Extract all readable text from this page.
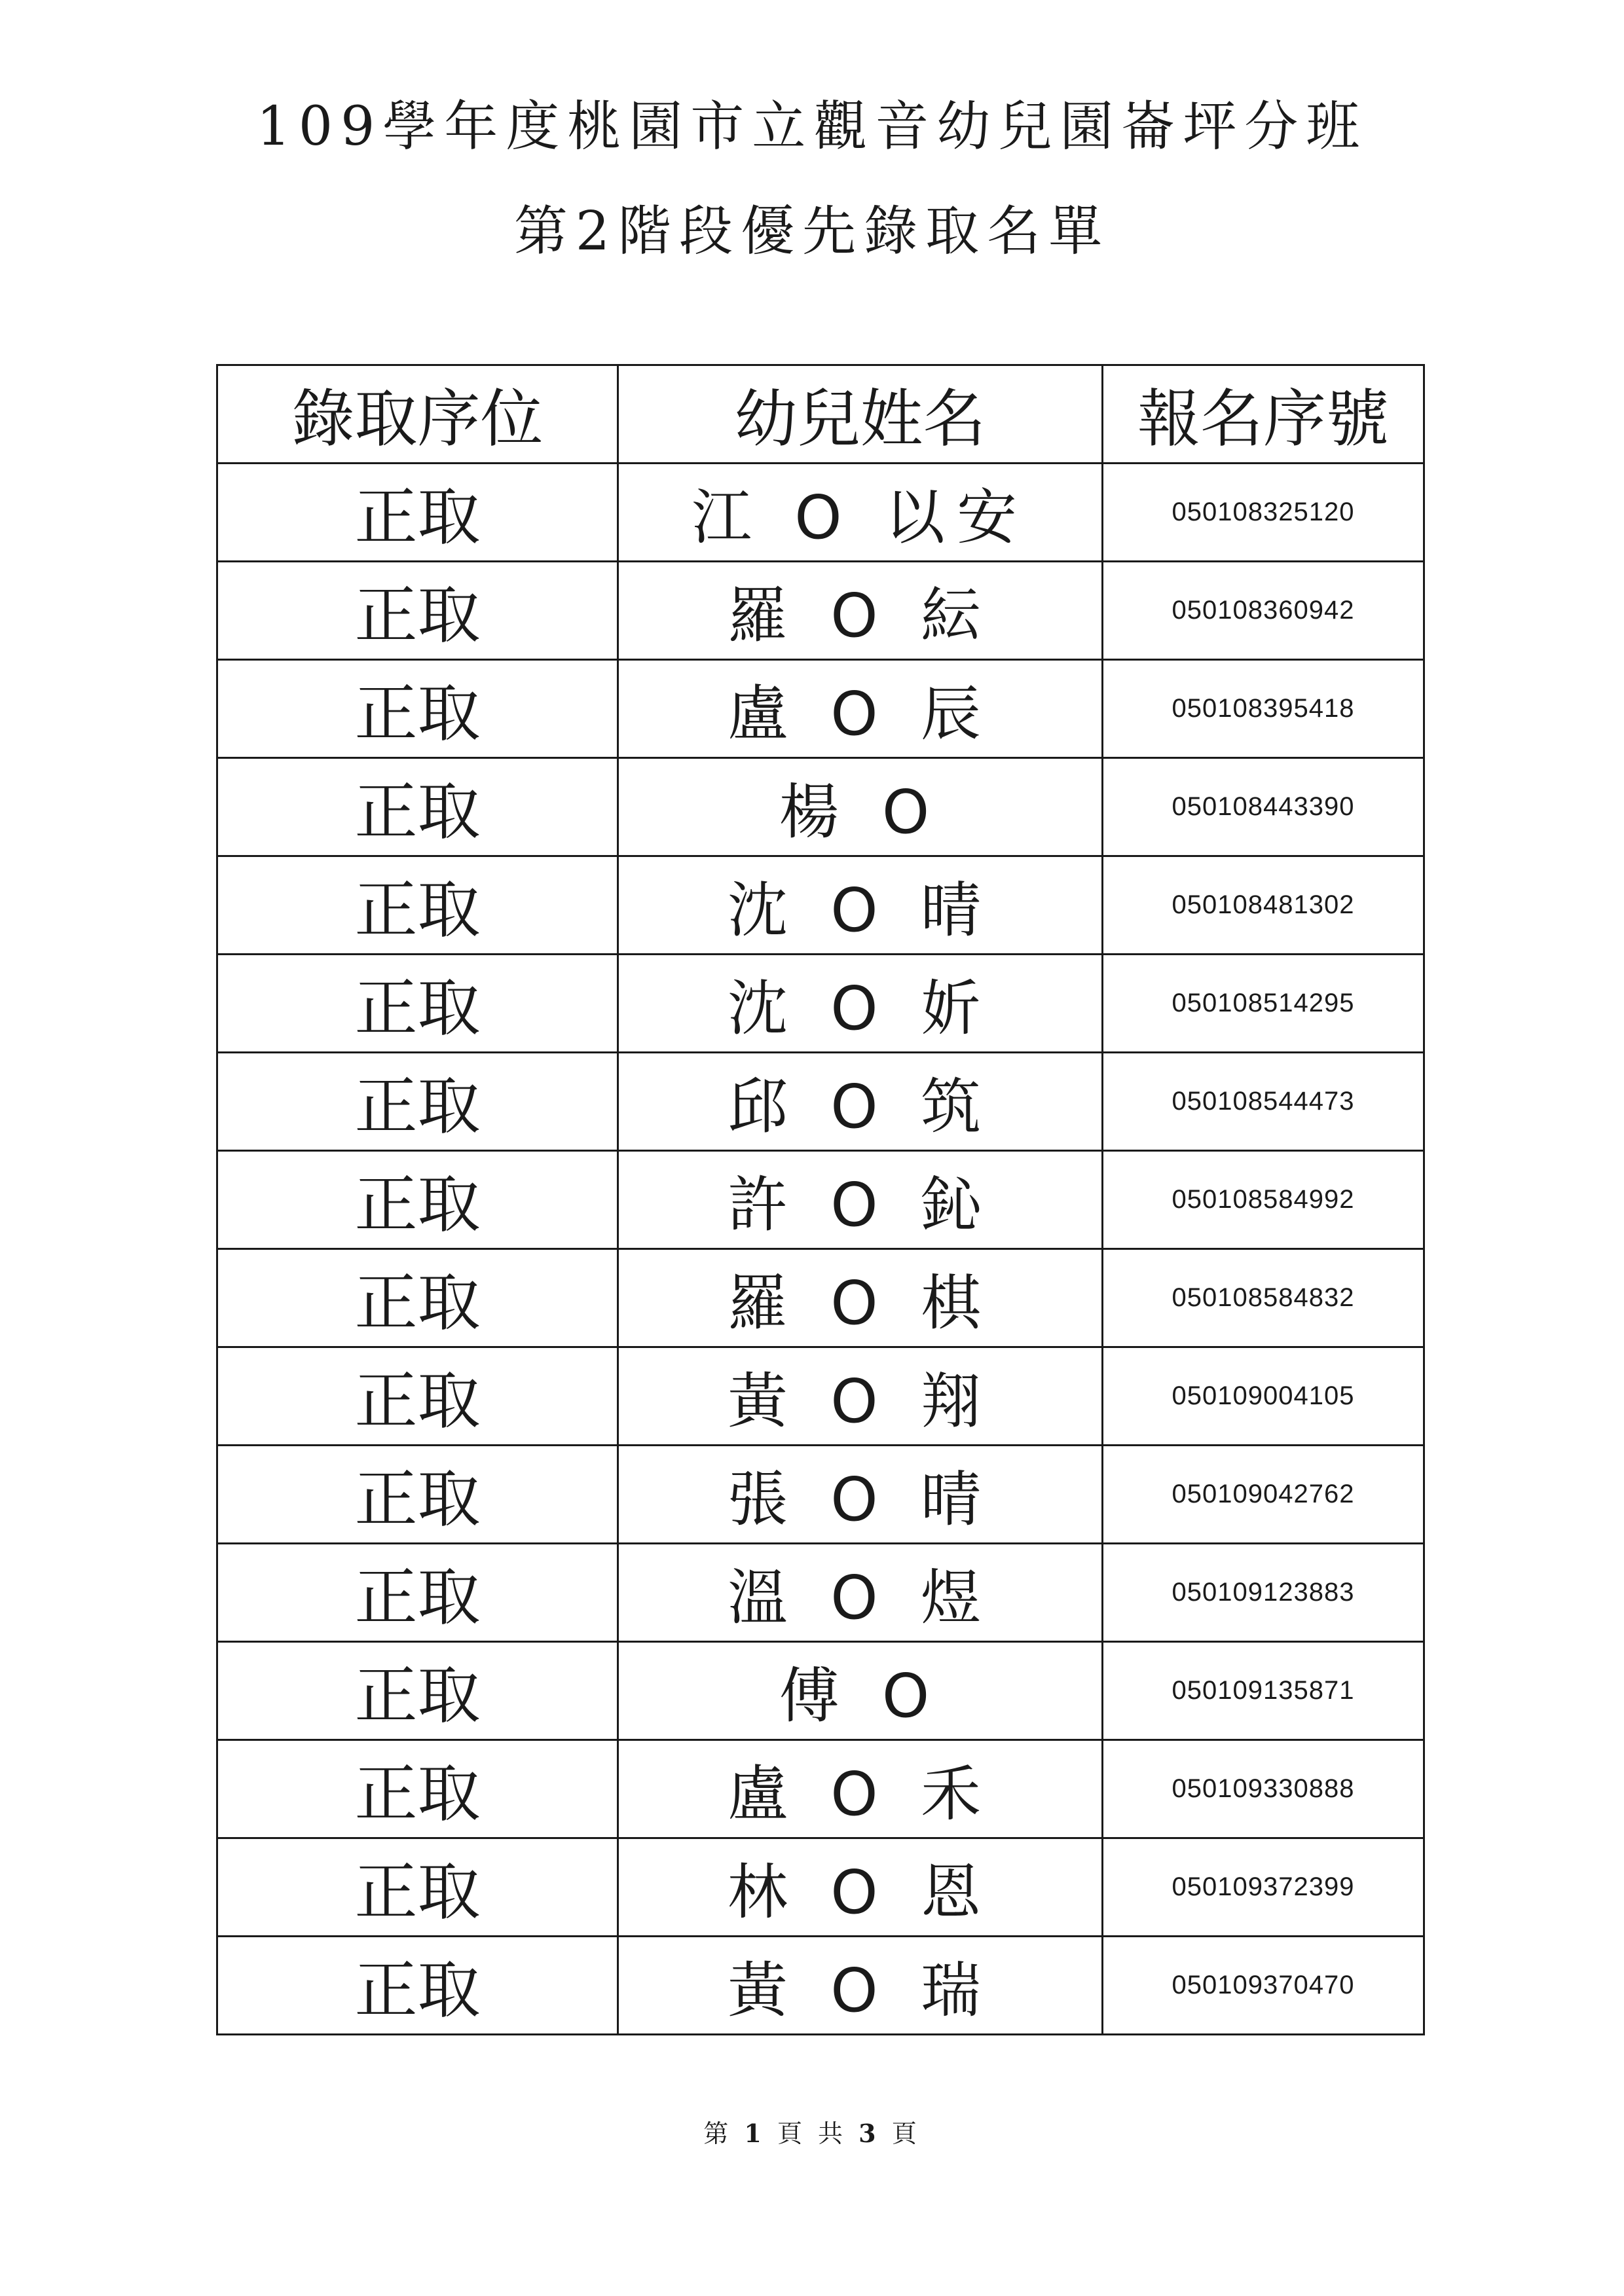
109學年度桃園市立觀音幼兒園崙坪分班
第2階段優先錄取名單
錄取序位	幼兒姓名	報名序號
正取	江 O 以安	050108325120
正取	羅 O 紜	050108360942
正取	盧 O 辰	050108395418
正取	楊 O	050108443390
正取	沈 O 晴	050108481302
正取	沈 O 妡	050108514295
正取	邱 O 筑	050108544473
正取	許 O 鈊	050108584992
正取	羅 O 棋	050108584832
正取	黃 O 翔	050109004105
正取	張 O 晴	050109042762
正取	溫 O 煜	050109123883
正取	傅 O	050109135871
正取	盧 O 禾	050109330888
正取	林 O 恩	050109372399
正取	黃 O 瑞	050109370470
第 1 頁 共 3 頁
